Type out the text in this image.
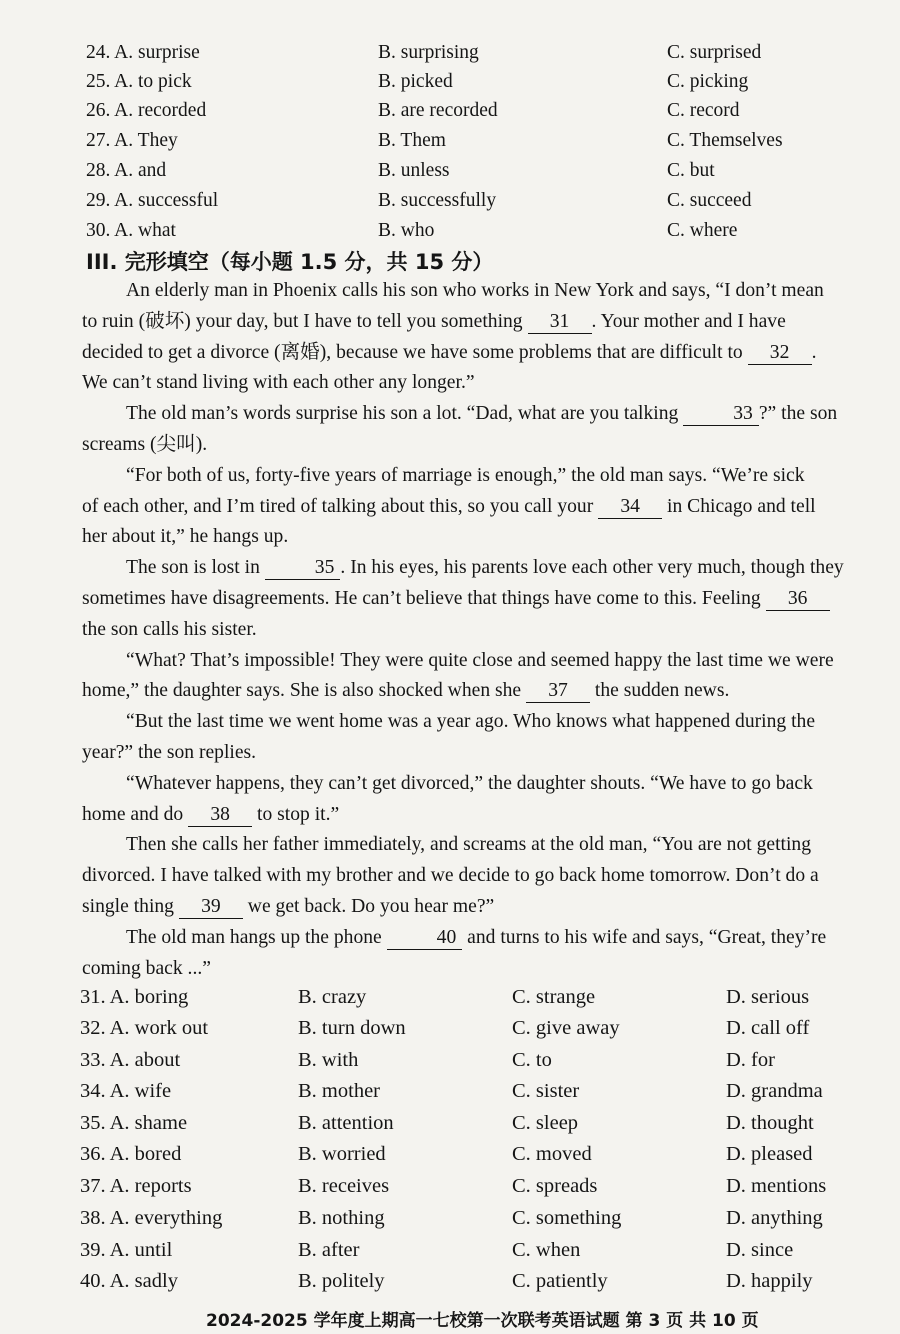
24. A. surprise	B. surprising	C. surprised
25. A. to pick	B. picked	C. picking
26. A. recorded	B. are recorded	C. record
27. A. They	B. Them	C. Themselves
28. A. and	B. unless	C. but
29. A. successful	B. successfully	C. succeed
30. A. what	B. who	C. where
III. 完形填空（每小题 1.5 分，共 15 分）

An elderly man in Phoenix calls his son who works in New York and says, “I don’t mean
to ruin (破坏) your day, but I have to tell you something 31 . Your mother and I have
decided to get a divorce (离婚), because we have some problems that are difficult to 32 .
We can’t stand living with each other any longer.”

The old man’s words surprise his son a lot. “Dad, what are you talking	33 ?” the son
screams (尖叫).

“For both of us, forty-five years of marriage is enough,” the old man says. “We’re sick
of each other, and I’m tired of talking about this, so you call your 34 in Chicago and tell
her about it,” he hangs up.

The son is lost in	35 . In his eyes, his parents love each other very much, though they
sometimes have disagreements. He can’t believe that things have come to this. Feeling 36
the son calls his sister.

“What? That’s impossible! They were quite close and seemed happy the last time we were
home,” the daughter says. She is also shocked when she 37 the sudden news.

“But the last time we went home was a year ago. Who knows what happened during the
year?” the son replies.

“Whatever happens, they can’t get divorced,” the daughter shouts. “We have to go back
home and do 38 to stop it.”

Then she calls her father immediately, and screams at the old man, “You are not getting
divorced. I have talked with my brother and we decide to go back home tomorrow. Don’t do a
single thing 39 we get back. Do you hear me?”

The old man hangs up the phone	40 and turns to his wife and says, “Great, they’re
coming back ...”

31. A. boring	B. crazy	C. strange	D. serious
32. A. work out	B. turn down	C. give away	D. call off
33. A. about	B. with	C. to	D. for
34. A. wife	B. mother	C. sister	D. grandma
35. A. shame	B. attention	C. sleep	D. thought
36. A. bored	B. worried	C. moved	D. pleased
37. A. reports	B. receives	C. spreads	D. mentions
38. A. everything	B. nothing	C. something	D. anything
39. A. until	B. after	C. when	D. since
40. A. sadly	B. politely	C. patiently	D. happily
2024-2025 学年度上期高一七校第一次联考英语试题 第 3 页 共 10 页
